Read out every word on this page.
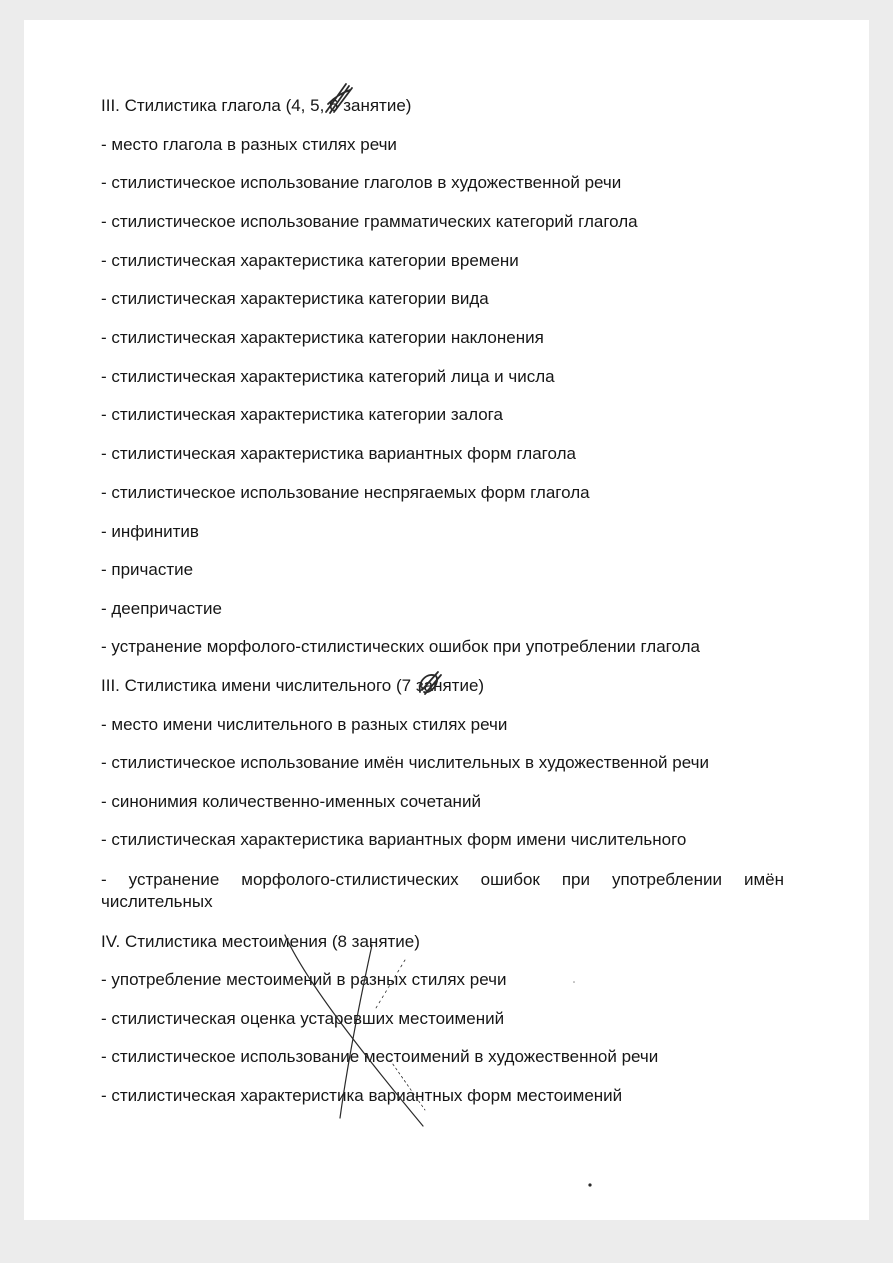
III. Стилистика глагола (4, 5, 6 занятие)
- место глагола в разных стилях речи
- стилистическое использование глаголов в художественной речи
- стилистическое использование грамматических категорий глагола
- стилистическая характеристика категории времени
- стилистическая характеристика категории вида
- стилистическая характеристика категории наклонения
- стилистическая характеристика категорий лица и числа
- стилистическая характеристика категории залога
- стилистическая характеристика вариантных форм глагола
- стилистическое использование неспрягаемых форм глагола
- инфинитив
- причастие
- деепричастие
- устранение морфолого-стилистических ошибок при употреблении глагола
III. Стилистика имени числительного (7 занятие)
- место имени числительного в разных стилях речи
- стилистическое использование имён числительных в художественной речи
- синонимия количественно-именных сочетаний
- стилистическая характеристика вариантных форм имени числительного
- устранение морфолого-стилистических ошибок при употреблении имён числительных
IV. Стилистика местоимения (8 занятие)
- употребление местоимений в разных стилях речи
- стилистическая оценка устаревших местоимений
- стилистическое использование местоимений в художественной речи
- стилистическая характеристика вариантных форм местоимений
